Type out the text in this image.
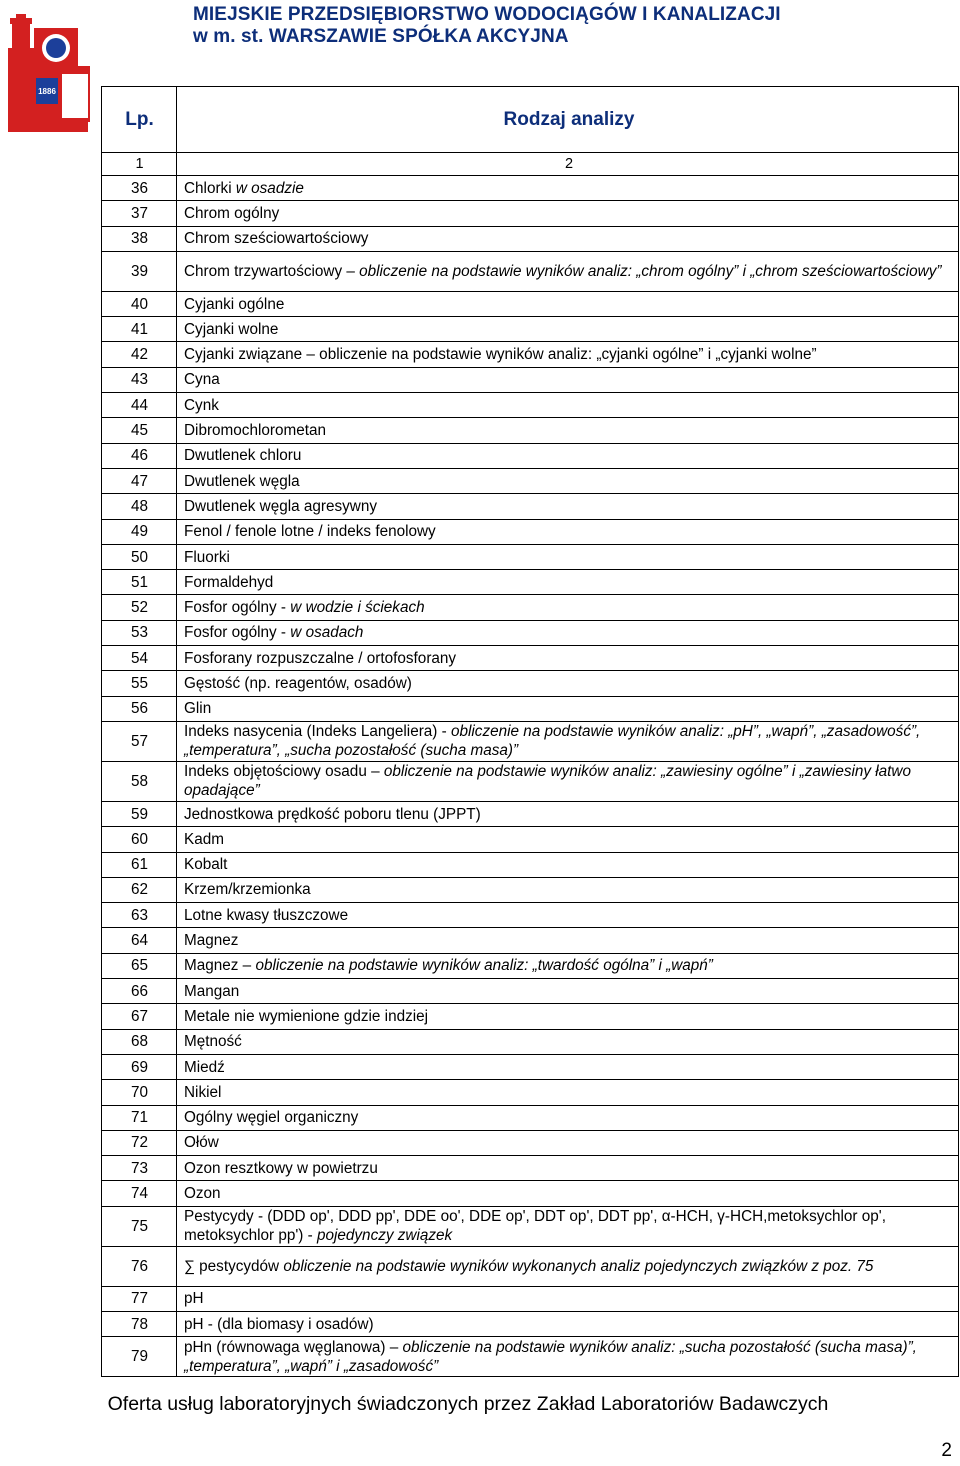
1886
MIEJSKIE PRZEDSIĘBIORSTWO WODOCIĄGÓW I KANALIZACJI
w m. st. WARSZAWIE SPÓŁKA AKCYJNA
Lp.	Rodzaj analizy
1	2
36	Chlorki w osadzie
37	Chrom ogólny
38	Chrom sześciowartościowy
39	Chrom trzywartościowy – obliczenie na podstawie wyników analiz: „chrom ogólny” i „chrom sześciowartościowy”
40	Cyjanki ogólne
41	Cyjanki wolne
42	Cyjanki związane – obliczenie na podstawie wyników analiz: „cyjanki ogólne” i „cyjanki wolne”
43	Cyna
44	Cynk
45	Dibromochlorometan
46	Dwutlenek chloru
47	Dwutlenek węgla
48	Dwutlenek węgla agresywny
49	Fenol / fenole lotne / indeks fenolowy
50	Fluorki
51	Formaldehyd
52	Fosfor ogólny - w wodzie i ściekach
53	Fosfor ogólny - w osadach
54	Fosforany rozpuszczalne / ortofosforany
55	Gęstość (np. reagentów, osadów)
56	Glin
57	Indeks nasycenia (Indeks Langeliera) - obliczenie na podstawie wyników analiz: „pH”, „wapń”, „zasadowość”, „temperatura”, „sucha pozostałość (sucha masa)”
58	Indeks objętościowy osadu – obliczenie na podstawie wyników analiz: „zawiesiny ogólne” i „zawiesiny łatwo opadające”
59	Jednostkowa prędkość poboru tlenu (JPPT)
60	Kadm
61	Kobalt
62	Krzem/krzemionka
63	Lotne kwasy tłuszczowe
64	Magnez
65	Magnez – obliczenie na podstawie wyników analiz: „twardość ogólna” i „wapń”
66	Mangan
67	Metale nie wymienione gdzie indziej
68	Mętność
69	Miedź
70	Nikiel
71	Ogólny węgiel organiczny
72	Ołów
73	Ozon resztkowy w powietrzu
74	Ozon
75	Pestycydy - (DDD op', DDD pp', DDE oo', DDE op', DDT op', DDT pp', α-HCH, γ-HCH,metoksychlor op', metoksychlor pp') - pojedynczy związek
76	∑ pestycydów obliczenie na podstawie wyników wykonanych analiz pojedynczych związków z poz. 75
77	pH
78	pH - (dla biomasy i osadów)
79	pHn (równowaga węglanowa) – obliczenie na podstawie wyników analiz: „sucha pozostałość (sucha masa)”, „temperatura”, „wapń” i „zasadowość”
Oferta usług laboratoryjnych świadczonych przez Zakład Laboratoriów Badawczych
2
